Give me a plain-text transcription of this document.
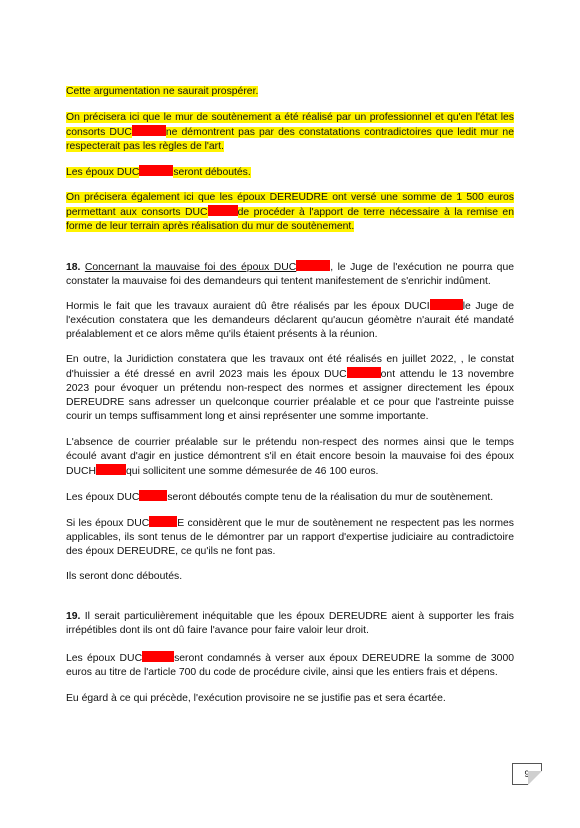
Cette argumentation ne saurait prospérer.

On précisera ici que le mur de soutènement a été réalisé par un professionnel et qu'en l'état les consorts DUC	ne démontrent pas par des constatations contradictoires que ledit mur ne respecterait pas les règles de l'art.

Les époux DUC	seront déboutés.

On précisera également ici que les époux DEREUDRE ont versé une somme de 1 500 euros permettant aux consorts DUC	de procéder à l'apport de terre nécessaire à la remise en forme de leur terrain après réalisation du mur de soutènement.

18. Concernant la mauvaise foi des époux DUC	, le Juge de l'exécution ne pourra que constater la mauvaise foi des demandeurs qui tentent manifestement de s'enrichir indûment.

Hormis le fait que les travaux auraient dû être réalisés par les époux DUCI	le Juge de l'exécution constatera que les demandeurs déclarent qu'aucun géomètre n'aurait été mandaté préalablement et ce alors même qu'ils étaient présents à la réunion.

En outre, la Juridiction constatera que les travaux ont été réalisés en juillet 2022, , le constat d'huissier a été dressé en avril 2023 mais les époux DUC	ont attendu le 13 novembre 2023 pour évoquer un prétendu non-respect des normes et assigner directement les époux DEREUDRE sans adresser un quelconque courrier préalable et ce pour que l'astreinte puisse courir un temps suffisamment long et ainsi représenter une somme importante.

L'absence de courrier préalable sur le prétendu non-respect des normes ainsi que le temps écoulé avant d'agir en justice démontrent s'il en était encore besoin la mauvaise foi des époux DUCH	qui sollicitent une somme démesurée de 46 100 euros.

Les époux DUC	seront déboutés compte tenu de la réalisation du mur de soutènement.

Si les époux DUC	E considèrent que le mur de soutènement ne respectent pas les normes applicables, ils sont tenus de le démontrer par un rapport d'expertise judiciaire au contradictoire des époux DEREUDRE, ce qu'ils ne font pas.

Ils seront donc déboutés.

19. Il serait particulièrement inéquitable que les époux DEREUDRE aient à supporter les frais irrépétibles dont ils ont dû faire l'avance pour faire valoir leur droit.

Les époux DUC	seront condamnés à verser aux époux DEREUDRE la somme de 3000 euros au titre de l'article 700 du code de procédure civile, ainsi que les entiers frais et dépens.

Eu égard à ce qui précède, l'exécution provisoire ne se justifie pas et sera écartée.

9
